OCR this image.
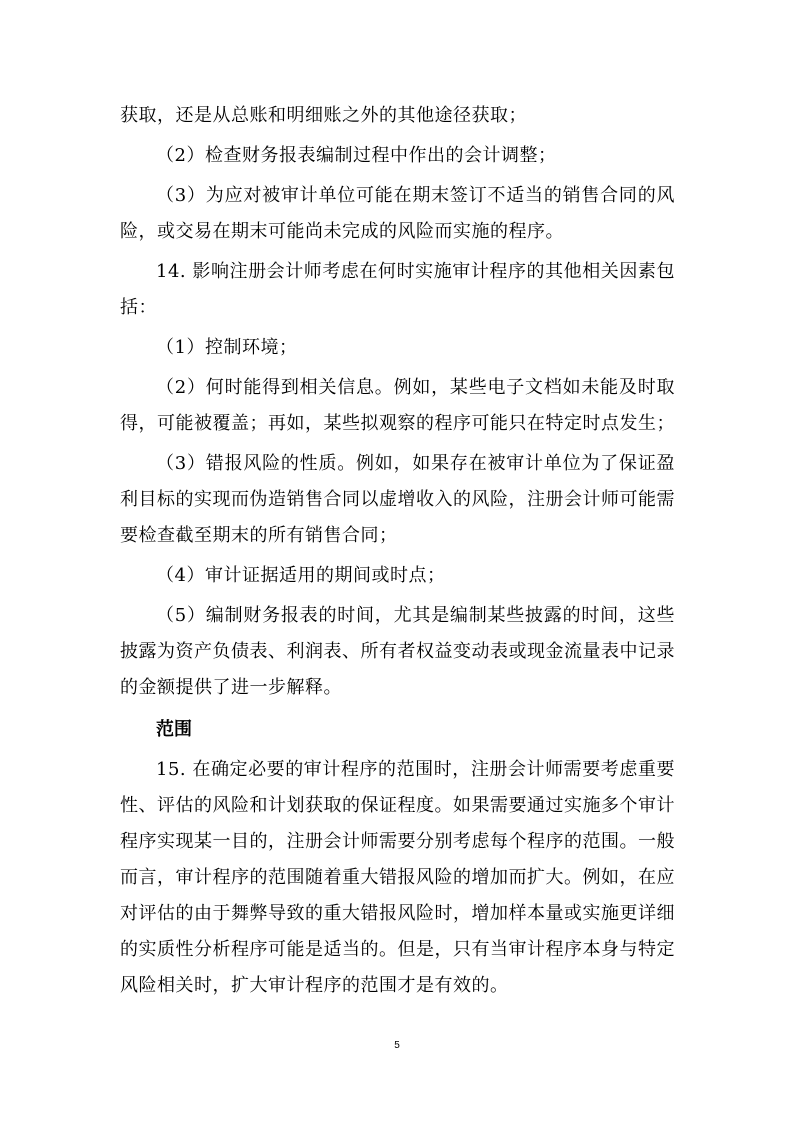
获取，还是从总账和明细账之外的其他途径获取；

（2）检查财务报表编制过程中作出的会计调整；

（3）为应对被审计单位可能在期末签订不适当的销售合同的风险，或交易在期末可能尚未完成的风险而实施的程序。

14. 影响注册会计师考虑在何时实施审计程序的其他相关因素包括：

（1）控制环境；

（2）何时能得到相关信息。例如，某些电子文档如未能及时取得，可能被覆盖；再如，某些拟观察的程序可能只在特定时点发生；

（3）错报风险的性质。例如，如果存在被审计单位为了保证盈利目标的实现而伪造销售合同以虚增收入的风险，注册会计师可能需要检查截至期末的所有销售合同；

（4）审计证据适用的期间或时点；

（5）编制财务报表的时间，尤其是编制某些披露的时间，这些披露为资产负债表、利润表、所有者权益变动表或现金流量表中记录的金额提供了进一步解释。

范围

15. 在确定必要的审计程序的范围时，注册会计师需要考虑重要性、评估的风险和计划获取的保证程度。如果需要通过实施多个审计程序实现某一目的，注册会计师需要分别考虑每个程序的范围。一般而言，审计程序的范围随着重大错报风险的增加而扩大。例如，在应对评估的由于舞弊导致的重大错报风险时，增加样本量或实施更详细的实质性分析程序可能是适当的。但是，只有当审计程序本身与特定风险相关时，扩大审计程序的范围才是有效的。

5
